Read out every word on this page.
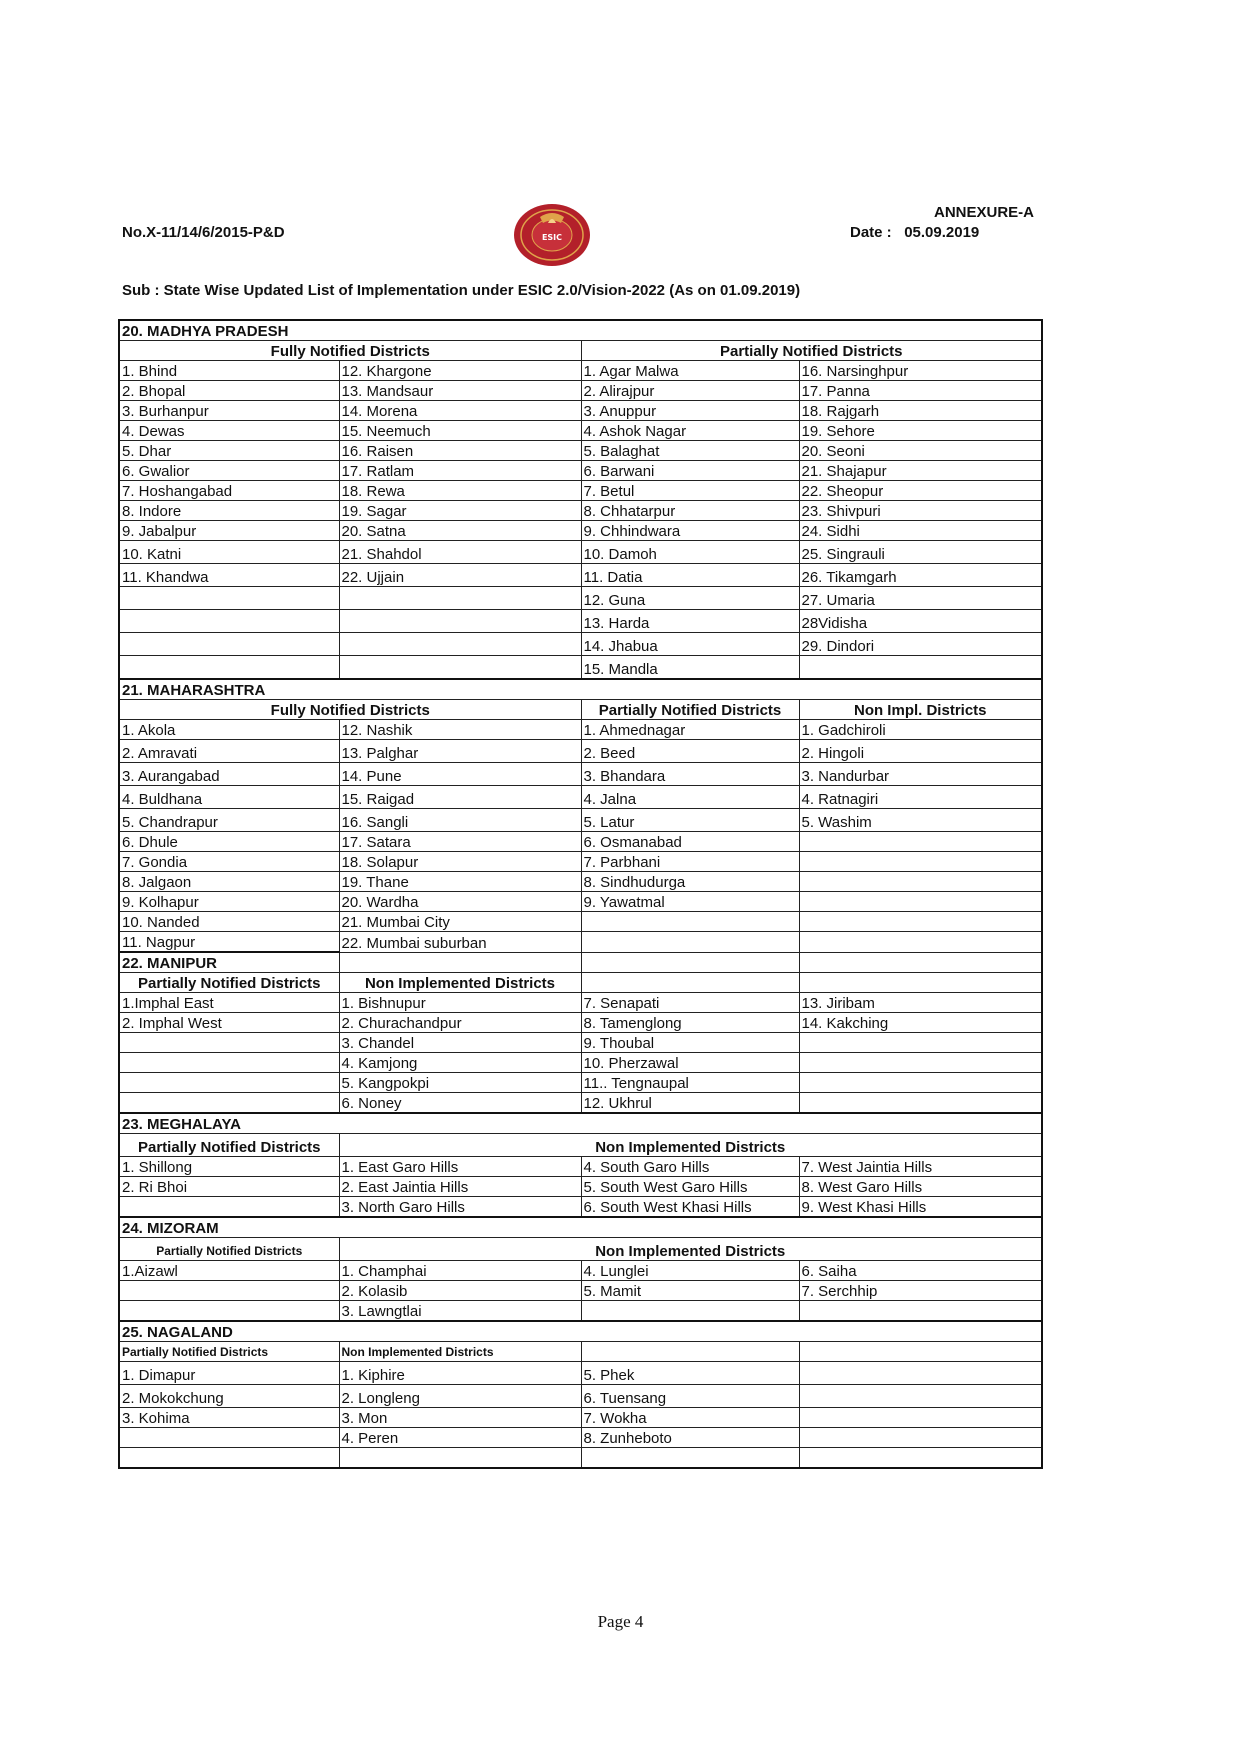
No.X-11/14/6/2015-P&D
ANNEXURE-A
Date : 05.09.2019
ESIC
Sub : State Wise Updated List of Implementation under ESIC 2.0/Vision-2022 (As on 01.09.2019)
20. MADHYA PRADESH			
Fully Notified Districts		Partially Notified Districts	
1. Bhind	12. Khargone	1. Agar Malwa	16. Narsinghpur
2. Bhopal	13. Mandsaur	2. Alirajpur	17. Panna
3. Burhanpur	14. Morena	3. Anuppur	18. Rajgarh
4. Dewas	15. Neemuch	4. Ashok Nagar	19. Sehore
5. Dhar	16. Raisen	5. Balaghat	20. Seoni
6. Gwalior	17. Ratlam	6. Barwani	21. Shajapur
7. Hoshangabad	18. Rewa	7. Betul	22. Sheopur
8. Indore	19. Sagar	8. Chhatarpur	23. Shivpuri
9. Jabalpur	20. Satna	9. Chhindwara	24. Sidhi
10. Katni	21. Shahdol	10. Damoh	25. Singrauli
11. Khandwa	22. Ujjain	11. Datia	26. Tikamgarh
		12. Guna	27. Umaria
		13. Harda	28Vidisha
		14. Jhabua	29. Dindori
		15. Mandla	
21. MAHARASHTRA			
Fully Notified Districts		Partially Notified Districts	Non Impl. Districts
1. Akola	12. Nashik	1. Ahmednagar	1. Gadchiroli
2. Amravati	13. Palghar	2. Beed	2. Hingoli
3. Aurangabad	14. Pune	3. Bhandara	3. Nandurbar
4. Buldhana	15. Raigad	4. Jalna	4. Ratnagiri
5. Chandrapur	16. Sangli	5. Latur	5. Washim
6. Dhule	17. Satara	6. Osmanabad	
7. Gondia	18. Solapur	7. Parbhani	
8. Jalgaon	19. Thane	8. Sindhudurga	
9. Kolhapur	20. Wardha	9. Yawatmal	
10. Nanded	21. Mumbai City		
11. Nagpur	22. Mumbai suburban		
22. MANIPUR			
Partially Notified Districts	Non Implemented Districts		
1.Imphal East	1. Bishnupur	7. Senapati	13. Jiribam
2. Imphal West	2. Churachandpur	8. Tamenglong	14. Kakching
	3. Chandel	9. Thoubal	
	4. Kamjong	10. Pherzawal	
	5. Kangpokpi	11.. Tengnaupal	
	6. Noney	12. Ukhrul	
23. MEGHALAYA			
Partially Notified Districts	Non Implemented Districts		
1. Shillong	1. East Garo Hills	4. South Garo Hills	7. West Jaintia Hills
2. Ri Bhoi	2. East Jaintia Hills	5. South West Garo Hills	8. West Garo Hills
	3. North Garo Hills	6. South West Khasi Hills	9. West Khasi Hills
24. MIZORAM			
Partially Notified Districts	Non Implemented Districts		
1.Aizawl	1. Champhai	4. Lunglei	6. Saiha
	2. Kolasib	5. Mamit	7. Serchhip
	3. Lawngtlai		
25. NAGALAND			
Partially Notified Districts	Non Implemented Districts		
1. Dimapur	1. Kiphire	5. Phek	
2. Mokokchung	2. Longleng	6. Tuensang	
3. Kohima	3. Mon	7. Wokha	
	4. Peren	8. Zunheboto	

Page 4
